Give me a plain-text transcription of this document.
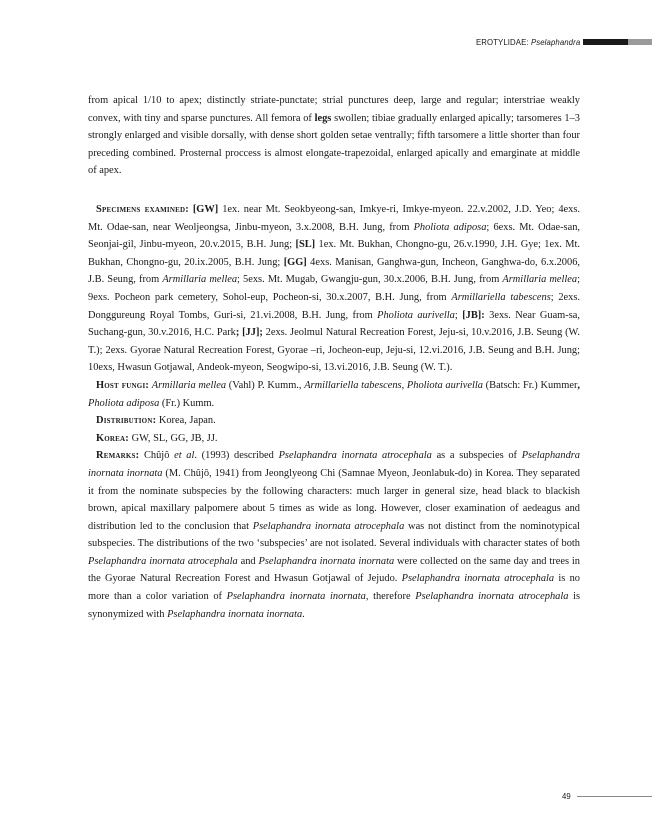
EROTYLIDAE: Pselaphandra

from apical 1/10 to apex; distinctly striate-punctate; strial punctures deep, large and regular; interstriae weakly convex, with tiny and sparse punctures. All femora of legs swollen; tibiae gradually enlarged apically; tarsomeres 1–3 strongly enlarged and visible dorsally, with dense short golden setae ventrally; fifth tarsomere a little shorter than four preceding combined. Prosternal proccess is almost elongate-trapezoidal, enlarged apically and emarginate at middle of apex.

Specimens examined: [GW] 1ex. near Mt. Seokbyeong-san, Imkye-ri, Imkye-myeon. 22.v.2002, J.D. Yeo; 4exs. Mt. Odae-san, near Weoljeongsa, Jinbu-myeon, 3.x.2008, B.H. Jung, from Pholiota adiposa; 6exs. Mt. Odae-san, Seonjai-gil, Jinbu-myeon, 20.v.2015, B.H. Jung; [SL] 1ex. Mt. Bukhan, Chongno-gu, 26.v.1990, J.H. Gye; 1ex. Mt. Bukhan, Chongno-gu, 20.ix.2005, B.H. Jung; [GG] 4exs. Manisan, Ganghwa-gun, Incheon, Ganghwa-do, 6.x.2006, J.B. Seung, from Armillaria mellea; 5exs. Mt. Mugab, Gwangju-gun, 30.x.2006, B.H. Jung, from Armillaria mellea; 9exs. Pocheon park cemetery, Sohol-eup, Pocheon-si, 30.x.2007, B.H. Jung, from Armillariella tabescens; 2exs. Donggureung Royal Tombs, Guri-si, 21.vi.2008, B.H. Jung, from Pholiota aurivella; [JB]: 3exs. Near Guam-sa, Suchang-gun, 30.v.2016, H.C. Park; [JJ]; 2exs. Jeolmul Natural Recreation Forest, Jeju-si, 10.v.2016, J.B. Seung (W. T.); 2exs. Gyorae Natural Recreation Forest, Gyorae –ri, Jocheon-eup, Jeju-si, 12.vi.2016, J.B. Seung and B.H. Jung; 10exs, Hwasun Gotjawal, Andeok-myeon, Seogwipo-si, 13.vi.2016, J.B. Seung (W. T.).

Host fungi: Armillaria mellea (Vahl) P. Kumm., Armillariella tabescens, Pholiota aurivella (Batsch: Fr.) Kummer, Pholiota adiposa (Fr.) Kumm.

Distribution: Korea, Japan.

Korea: GW, SL, GG, JB, JJ.

Remarks: Chûjô et al. (1993) described Pselaphandra inornata atrocephala as a subspecies of Pselaphandra inornata inornata (M. Chûjô, 1941) from Jeonglyeong Chi (Samnae Myeon, Jeonlabuk-do) in Korea. They separated it from the nominate subspecies by the following characters: much larger in general size, head black to blackish brown, apical maxillary palpomere about 5 times as wide as long. However, closer examination of aedeagus and distribution led to the conclusion that Pselaphandra inornata atrocephala was not distinct from the nominotypical subspecies. The distributions of the two ‘subspecies’ are not isolated. Several individuals with character states of both Pselaphandra inornata atrocephala and Pselaphandra inornata inornata were collected on the same day and trees in the Gyorae Natural Recreation Forest and Hwasun Gotjawal of Jejudo. Pselaphandra inornata atrocephala is no more than a color variation of Pselaphandra inornata inornata, therefore Pselaphandra inornata atrocephala is synonymized with Pselaphandra inornata inornata.

49
